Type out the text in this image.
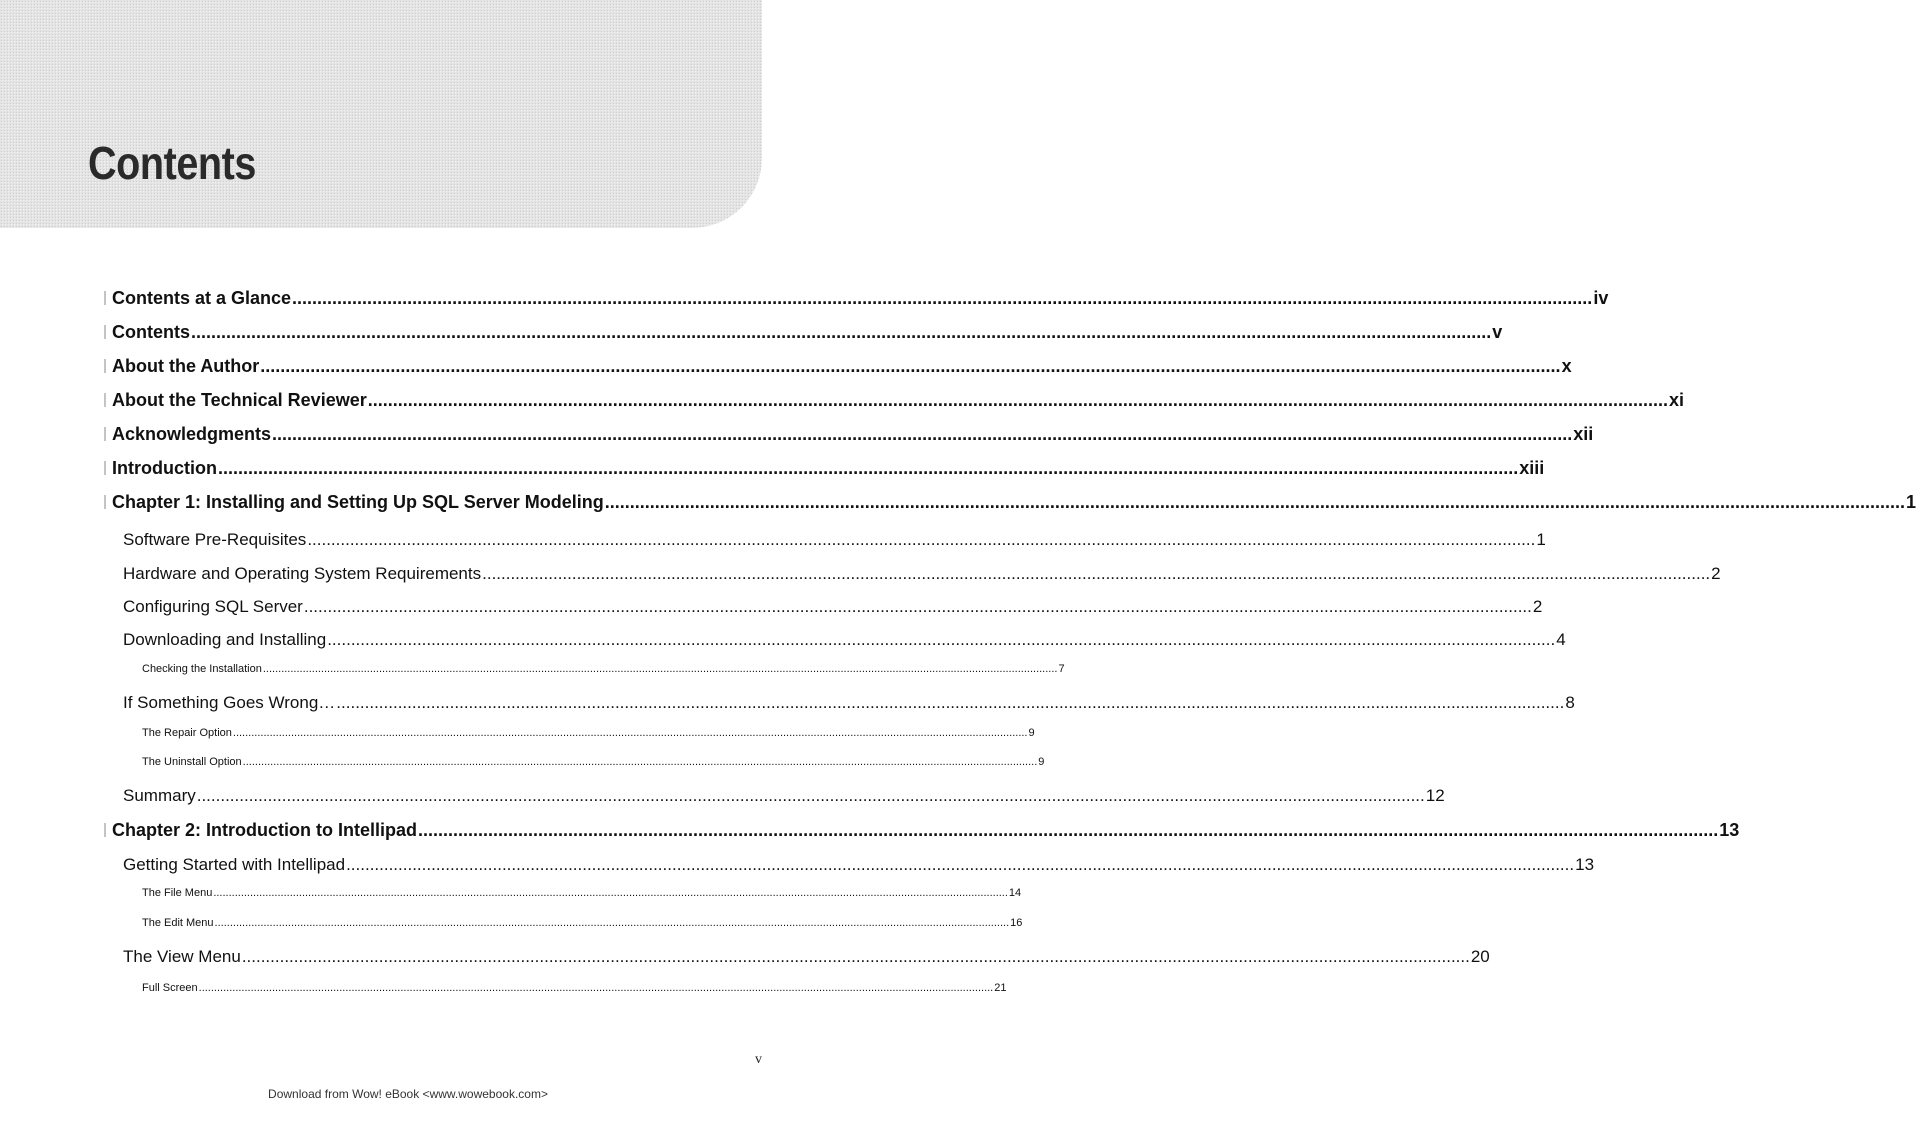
Contents
Contents at a Glance .................................................................................................................................................................................................................................................................... iv
Contents .................................................................................................................................................................................................................................................................... v
About the Author .................................................................................................................................................................................................................................................................... x
About the Technical Reviewer .................................................................................................................................................................................................................................................................... xi
Acknowledgments .................................................................................................................................................................................................................................................................... xii
Introduction .................................................................................................................................................................................................................................................................... xiii
Chapter 1: Installing and Setting Up SQL Server Modeling .................................................................................................................................................................................................................................................................... 1
Software Pre-Requisites .................................................................................................................................................................................................................................................................... 1
Hardware and Operating System Requirements .................................................................................................................................................................................................................................................................... 2
Configuring SQL Server .................................................................................................................................................................................................................................................................... 2
Downloading and Installing .................................................................................................................................................................................................................................................................... 4
Checking the Installation .................................................................................................................................................................................................................................................................... 7
If Something Goes Wrong… .................................................................................................................................................................................................................................................................... 8
The Repair Option .................................................................................................................................................................................................................................................................... 9
The Uninstall Option .................................................................................................................................................................................................................................................................... 9
Summary .................................................................................................................................................................................................................................................................... 12
Chapter 2: Introduction to Intellipad .................................................................................................................................................................................................................................................................... 13
Getting Started with Intellipad .................................................................................................................................................................................................................................................................... 13
The File Menu .................................................................................................................................................................................................................................................................... 14
The Edit Menu .................................................................................................................................................................................................................................................................... 16
The View Menu .................................................................................................................................................................................................................................................................... 20
Full Screen .................................................................................................................................................................................................................................................................... 21
v
Download from Wow! eBook <www.wowebook.com>
